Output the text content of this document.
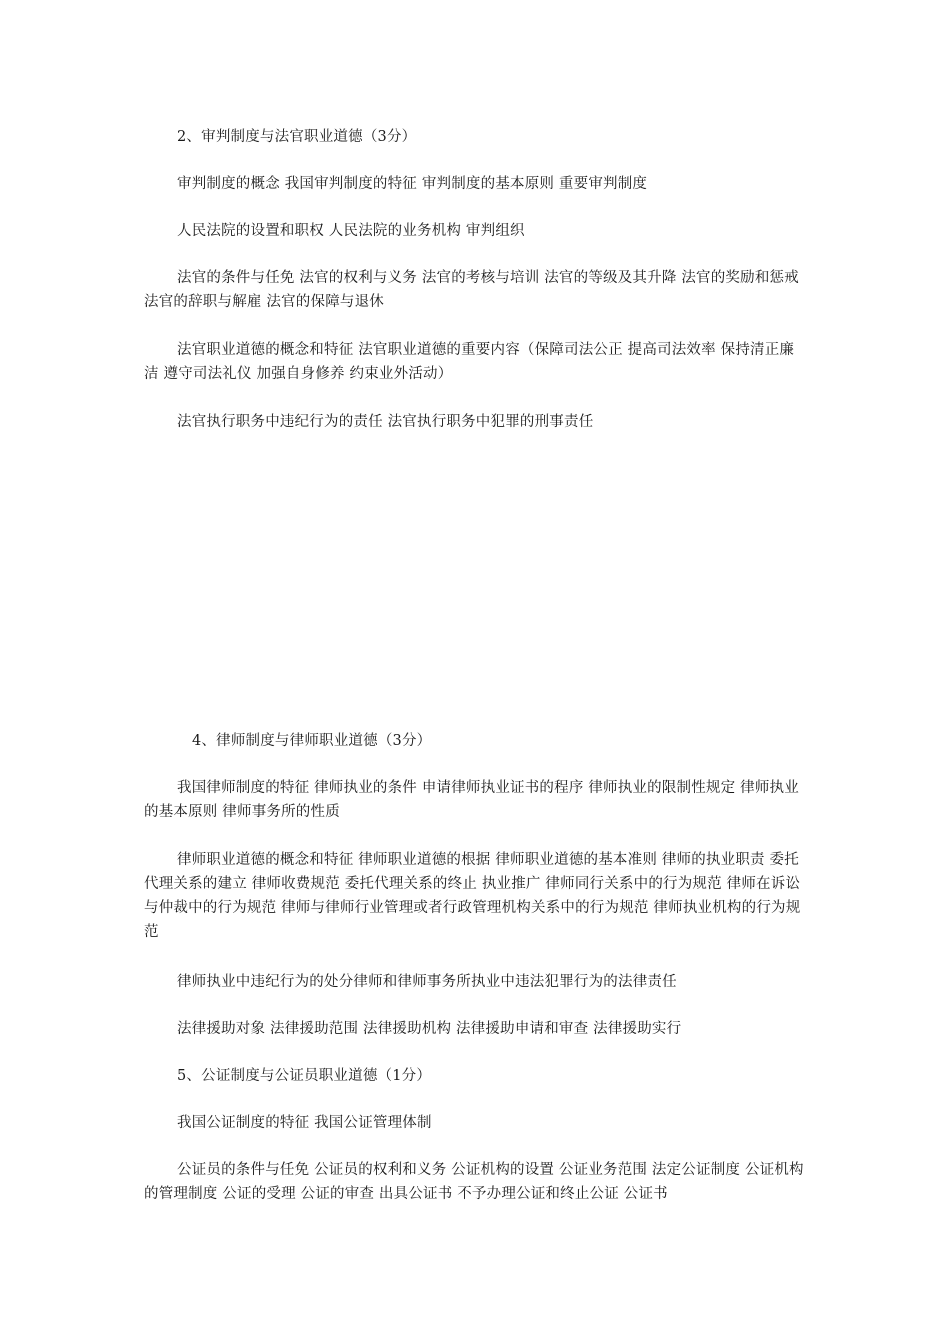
2、审判制度与法官职业道德（3分）

审判制度的概念 我国审判制度的特征 审判制度的基本原则 重要审判制度

人民法院的设置和职权 人民法院的业务机构 审判组织

法官的条件与任免 法官的权利与义务 法官的考核与培训 法官的等级及其升降 法官的奖励和惩戒 法官的辞职与解雇 法官的保障与退休

法官职业道德的概念和特征 法官职业道德的重要内容（保障司法公正 提高司法效率 保持清正廉洁 遵守司法礼仪 加强自身修养 约束业外活动）

法官执行职务中违纪行为的责任 法官执行职务中犯罪的刑事责任

4、律师制度与律师职业道德（3分）

我国律师制度的特征 律师执业的条件 申请律师执业证书的程序 律师执业的限制性规定 律师执业的基本原则 律师事务所的性质

律师职业道德的概念和特征 律师职业道德的根据 律师职业道德的基本准则 律师的执业职责 委托代理关系的建立 律师收费规范 委托代理关系的终止 执业推广 律师同行关系中的行为规范 律师在诉讼与仲裁中的行为规范 律师与律师行业管理或者行政管理机构关系中的行为规范 律师执业机构的行为规范

律师执业中违纪行为的处分律师和律师事务所执业中违法犯罪行为的法律责任

法律援助对象 法律援助范围 法律援助机构 法律援助申请和审查 法律援助实行

5、公证制度与公证员职业道德（1分）

我国公证制度的特征 我国公证管理体制

公证员的条件与任免 公证员的权利和义务 公证机构的设置 公证业务范围 法定公证制度 公证机构的管理制度 公证的受理 公证的审查 出具公证书 不予办理公证和终止公证 公证书
